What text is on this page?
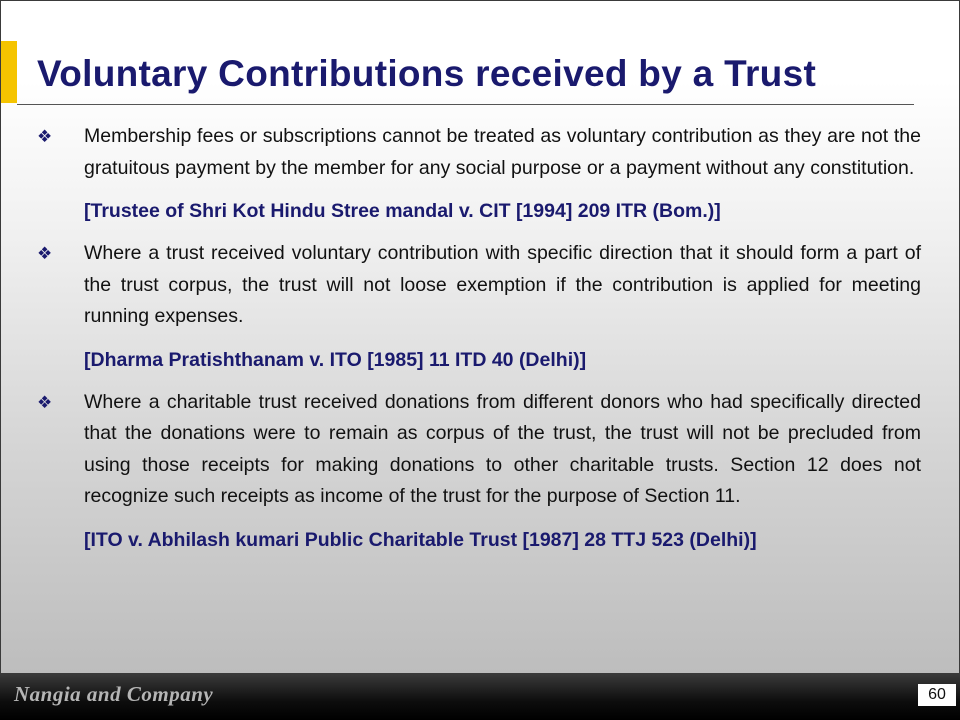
Voluntary Contributions received by a Trust
❖ Membership fees or subscriptions cannot be treated as voluntary contribution as they are not the gratuitous payment by the member for any social purpose or a payment without any constitution.
[Trustee of Shri Kot Hindu Stree mandal v. CIT [1994] 209 ITR (Bom.)]
❖ Where a trust received voluntary contribution with specific direction that it should form a part of the trust corpus, the trust will not loose exemption if the contribution is applied for meeting running expenses.
[Dharma Pratishthanam v. ITO [1985] 11 ITD 40 (Delhi)]
❖ Where a charitable trust received donations from different donors who had specifically directed that the donations were to remain as corpus of the trust, the trust will not be precluded from using those receipts for making donations to other charitable trusts. Section 12 does not recognize such receipts as income of the trust for the purpose of Section 11.
[ITO v. Abhilash kumari Public Charitable Trust [1987] 28 TTJ 523 (Delhi)]
Nangia and Company	60
